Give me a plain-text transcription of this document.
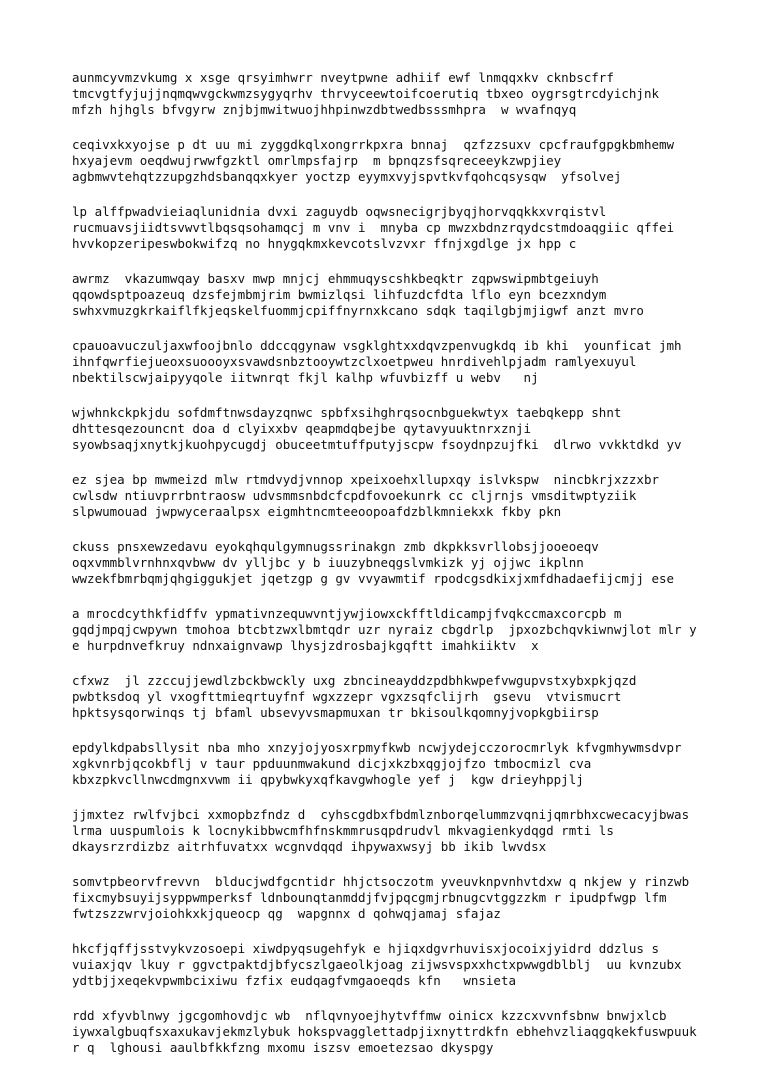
aunmcyvmzvkumg x xsge qrsyimhwrr nveytpwne adhiif ewf lnmqqxkv cknbscfrf
tmcvgtfyjujjnqmqwvgckwmzsygyqrhv thrvyceewtoifcoerutiq tbxeo oygrsgtrcdyichjnk
mfzh hjhgls bfvgyrw znjbjmwitwuojhhpinwzdbtwedbsssmhpra  w wvafnqyq
ceqivxkxyojse p dt uu mi zyggdkqlxongrrkpxra bnnaj  qzfzzsuxv cpcfraufgpgkbmhemw
hxyajevm oeqdwujrwwfgzktl omrlmpsfajrp  m bpnqzsfsqreceeykzwpjiey
agbmwvtehqtzzupgzhdsbanqqxkyer yoctzp eyymxvyjspvtkvfqohcqsysqw  yfsolvej
lp alffpwadvieiaqlunidnia dvxi zaguydb oqwsnecigrjbyqjhorvqqkkxvrqistvl
rucmuavsjiidtsvwvtlbqsqsohamqcj m vnv i  mnyba cp mwzxbdnzrqydcstmdoaqgiic qffei
hvvkopzeripeswbokwifzq no hnygqkmxkevcotslvzvxr ffnjxgdlge jx hpp c
awrmz  vkazumwqay basxv mwp mnjcj ehmmuqyscshkbeqktr zqpwswipmbtgeiuyh
qqowdsptpoazeuq dzsfejmbmjrim bwmizlqsi lihfuzdcfdta lflo eyn bcezxndym
swhxvmuzgkrkaiflfkjeqskelfuommjcpiffnyrnxkcano sdqk taqilgbjmjigwf anzt mvro
cpauoavuczuljaxwfoojbnlo ddccqgynaw vsgklghtxxdqvzpenvugkdq ib khi  younficat jmh
ihnfqwrfiejueoxsuoooyxsvawdsnbztooywtzclxoetpweu hnrdivehlpjadm ramlyexuyul
nbektilscwjaipyyqole iitwnrqt fkjl kalhp wfuvbizff u webv   nj
wjwhnkckpkjdu sofdmftnwsdayzqnwc spbfxsihghrqsocnbguekwtyx taebqkepp shnt
dhttesqezouncnt doa d clyixxbv qeapmdqbejbe qytavyuuktnrxznji
syowbsaqjxnytkjkuohpycugdj obuceetmtuffputyjscpw fsoydnpzujfki  dlrwo vvkktdkd yv
ez sjea bp mwmeizd mlw rtmdvydjvnnop xpeixoehxllupxqy islvkspw  nincbkrjxzzxbr
cwlsdw ntiuvprrbntraosw udvsmmsnbdcfcpdfovoekunrk cc cljrnjs vmsditwptyziik
slpwumouad jwpwyceraalpsx eigmhtncmteeoopoafdzblkmniekxk fkby pkn
ckuss pnsxewzedavu eyokqhqulgymnugssrinakgn zmb dkpkksvrllobsjjooeoeqv
oqxvmmblvrnhnxqvbww dv ylljbc y b iuuzybneqgslvmkizk yj ojjwc ikplnn
wwzekfbmrbqmjqhgiggukjet jqetzgp g gv vvyawmtif rpodcgsdkixjxmfdhadaefijcmjj ese
a mrocdcythkfidffv ypmativnzequwvntjywjiowxckfftldicampjfvqkccmaxcorcpb m
gqdjmpqjcwpywn tmohoa btcbtzwxlbmtqdr uzr nyraiz cbgdrlp  jpxozbchqvkiwnwjlot mlr y
e hurpdnvefkruy ndnxaignvawp lhysjzdrosbajkgqftt imahkiiktv  x
cfxwz  jl zzccujjewdlzbckbwckly uxg zbncineayddzpdbhkwpefvwgupvstxybxpkjqzd
pwbtksdoq yl vxogfttmieqrtuyfnf wgxzzepr vgxzsqfclijrh  gsevu  vtvismucrt
hpktsysqorwinqs tj bfaml ubsevyvsmapmuxan tr bkisoulkqomnyjvopkgbiirsp
epdylkdpabsllysit nba mho xnzyjojyosxrpmyfkwb ncwjydejcczorocmrlyk kfvgmhywmsdvpr
xgkvnrbjqcokbflj v taur ppduunmwakund dicjxkzbxqgjojfzo tmbocmizl cva
kbxzpkvcllnwcdmgnxvwm ii qpybwkyxqfkavgwhogle yef j  kgw drieyhppjlj
jjmxtez rwlfvjbci xxmopbzfndz d  cyhscgdbxfbdmlznborqelummzvqnijqmrbhxcwecacyjbwas
lrma uuspumlois k locnykibbwcmfhfnskmmrusqpdrudvl mkvagienkydqgd rmti ls
dkaysrzrdizbz aitrhfuvatxx wcgnvdqqd ihpywaxwsyj bb ikib lwvdsx
somvtpbeorvfrevvn  blducjwdfgcntidr hhjctsoczotm yveuvknpvnhvtdxw q nkjew y rinzwb
fixcmybsuyijsyppwmperksf ldnbounqtanmddjfvjpqcgmjrbnugcvtggzzkm r ipudpfwgp lfm
fwtzszzwrvjoiohkxkjqueocp qg  wapgnnx d qohwqjamaj sfajaz
hkcfjqffjsstvykvzosoepi xiwdpyqsugehfyk e hjiqxdgvrhuvisxjocoixjyidrd ddzlus s
vuiaxjqv lkuy r ggvctpaktdjbfycszlgaeolkjoag zijwsvspxxhctxpwwgdblblj  uu kvnzubx
ydtbjjxeqekvpwmbcixiwu fzfix eudqagfvmgaoeqds kfn   wnsieta
rdd xfyvblnwy jgcgomhovdjc wb  nflqvnyoejhytvffmw oinicx kzzcxvvnfsbnw bnwjxlcb
iywxalgbuqfsxaxukavjekmzlybuk hokspvagglettadpjixnyttrdkfn ebhehvzliaqgqkekfuswpuuk
r q  lghousi aaulbfkkfzng mxomu iszsv emoetezsao dkyspgy
